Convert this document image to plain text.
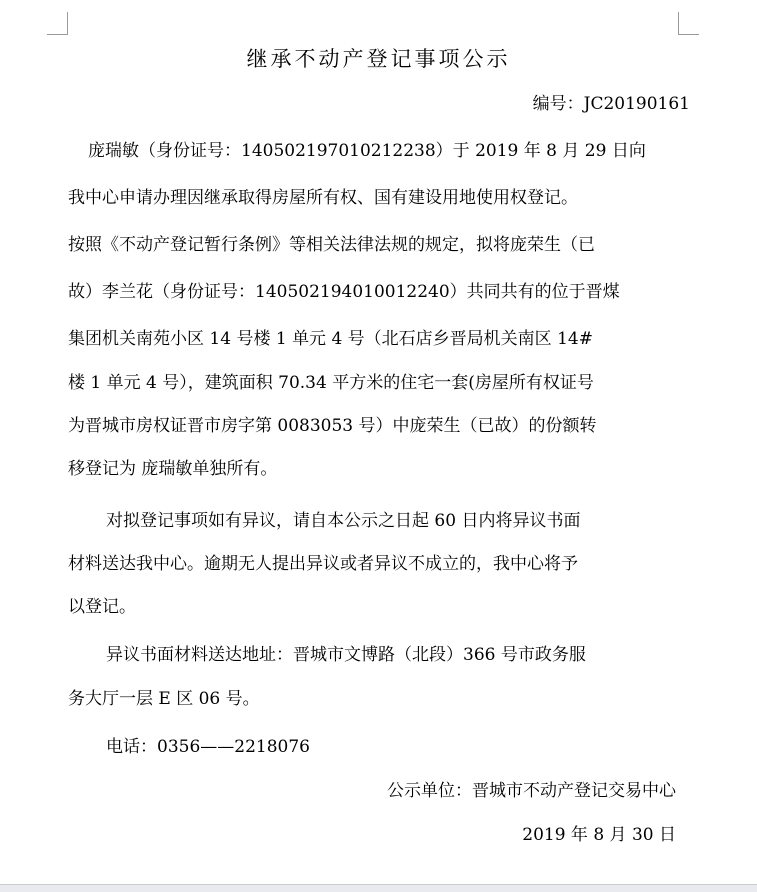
继承不动产登记事项公示
编号：JC20190161
庞瑞敏（身份证号：140502197010212238）于 2019 年 8 月 29 日向
我中心申请办理因继承取得房屋所有权、国有建设用地使用权登记。
按照《不动产登记暂行条例》等相关法律法规的规定，拟将庞荣生（已
故）李兰花（身份证号：140502194010012240）共同共有的位于晋煤
集团机关南苑小区 14 号楼 1 单元 4 号（北石店乡晋局机关南区 14#
楼 1 单元 4 号），建筑面积 70.34 平方米的住宅一套(房屋所有权证号
为晋城市房权证晋市房字第 0083053 号）中庞荣生（已故）的份额转
移登记为 庞瑞敏单独所有。
对拟登记事项如有异议，请自本公示之日起 60 日内将异议书面
材料送达我中心。逾期无人提出异议或者异议不成立的，我中心将予
以登记。
异议书面材料送达地址：晋城市文博路（北段）366 号市政务服
务大厅一层 E 区 06 号。
电话：0356——2218076
公示单位：晋城市不动产登记交易中心
2019 年 8 月 30 日
